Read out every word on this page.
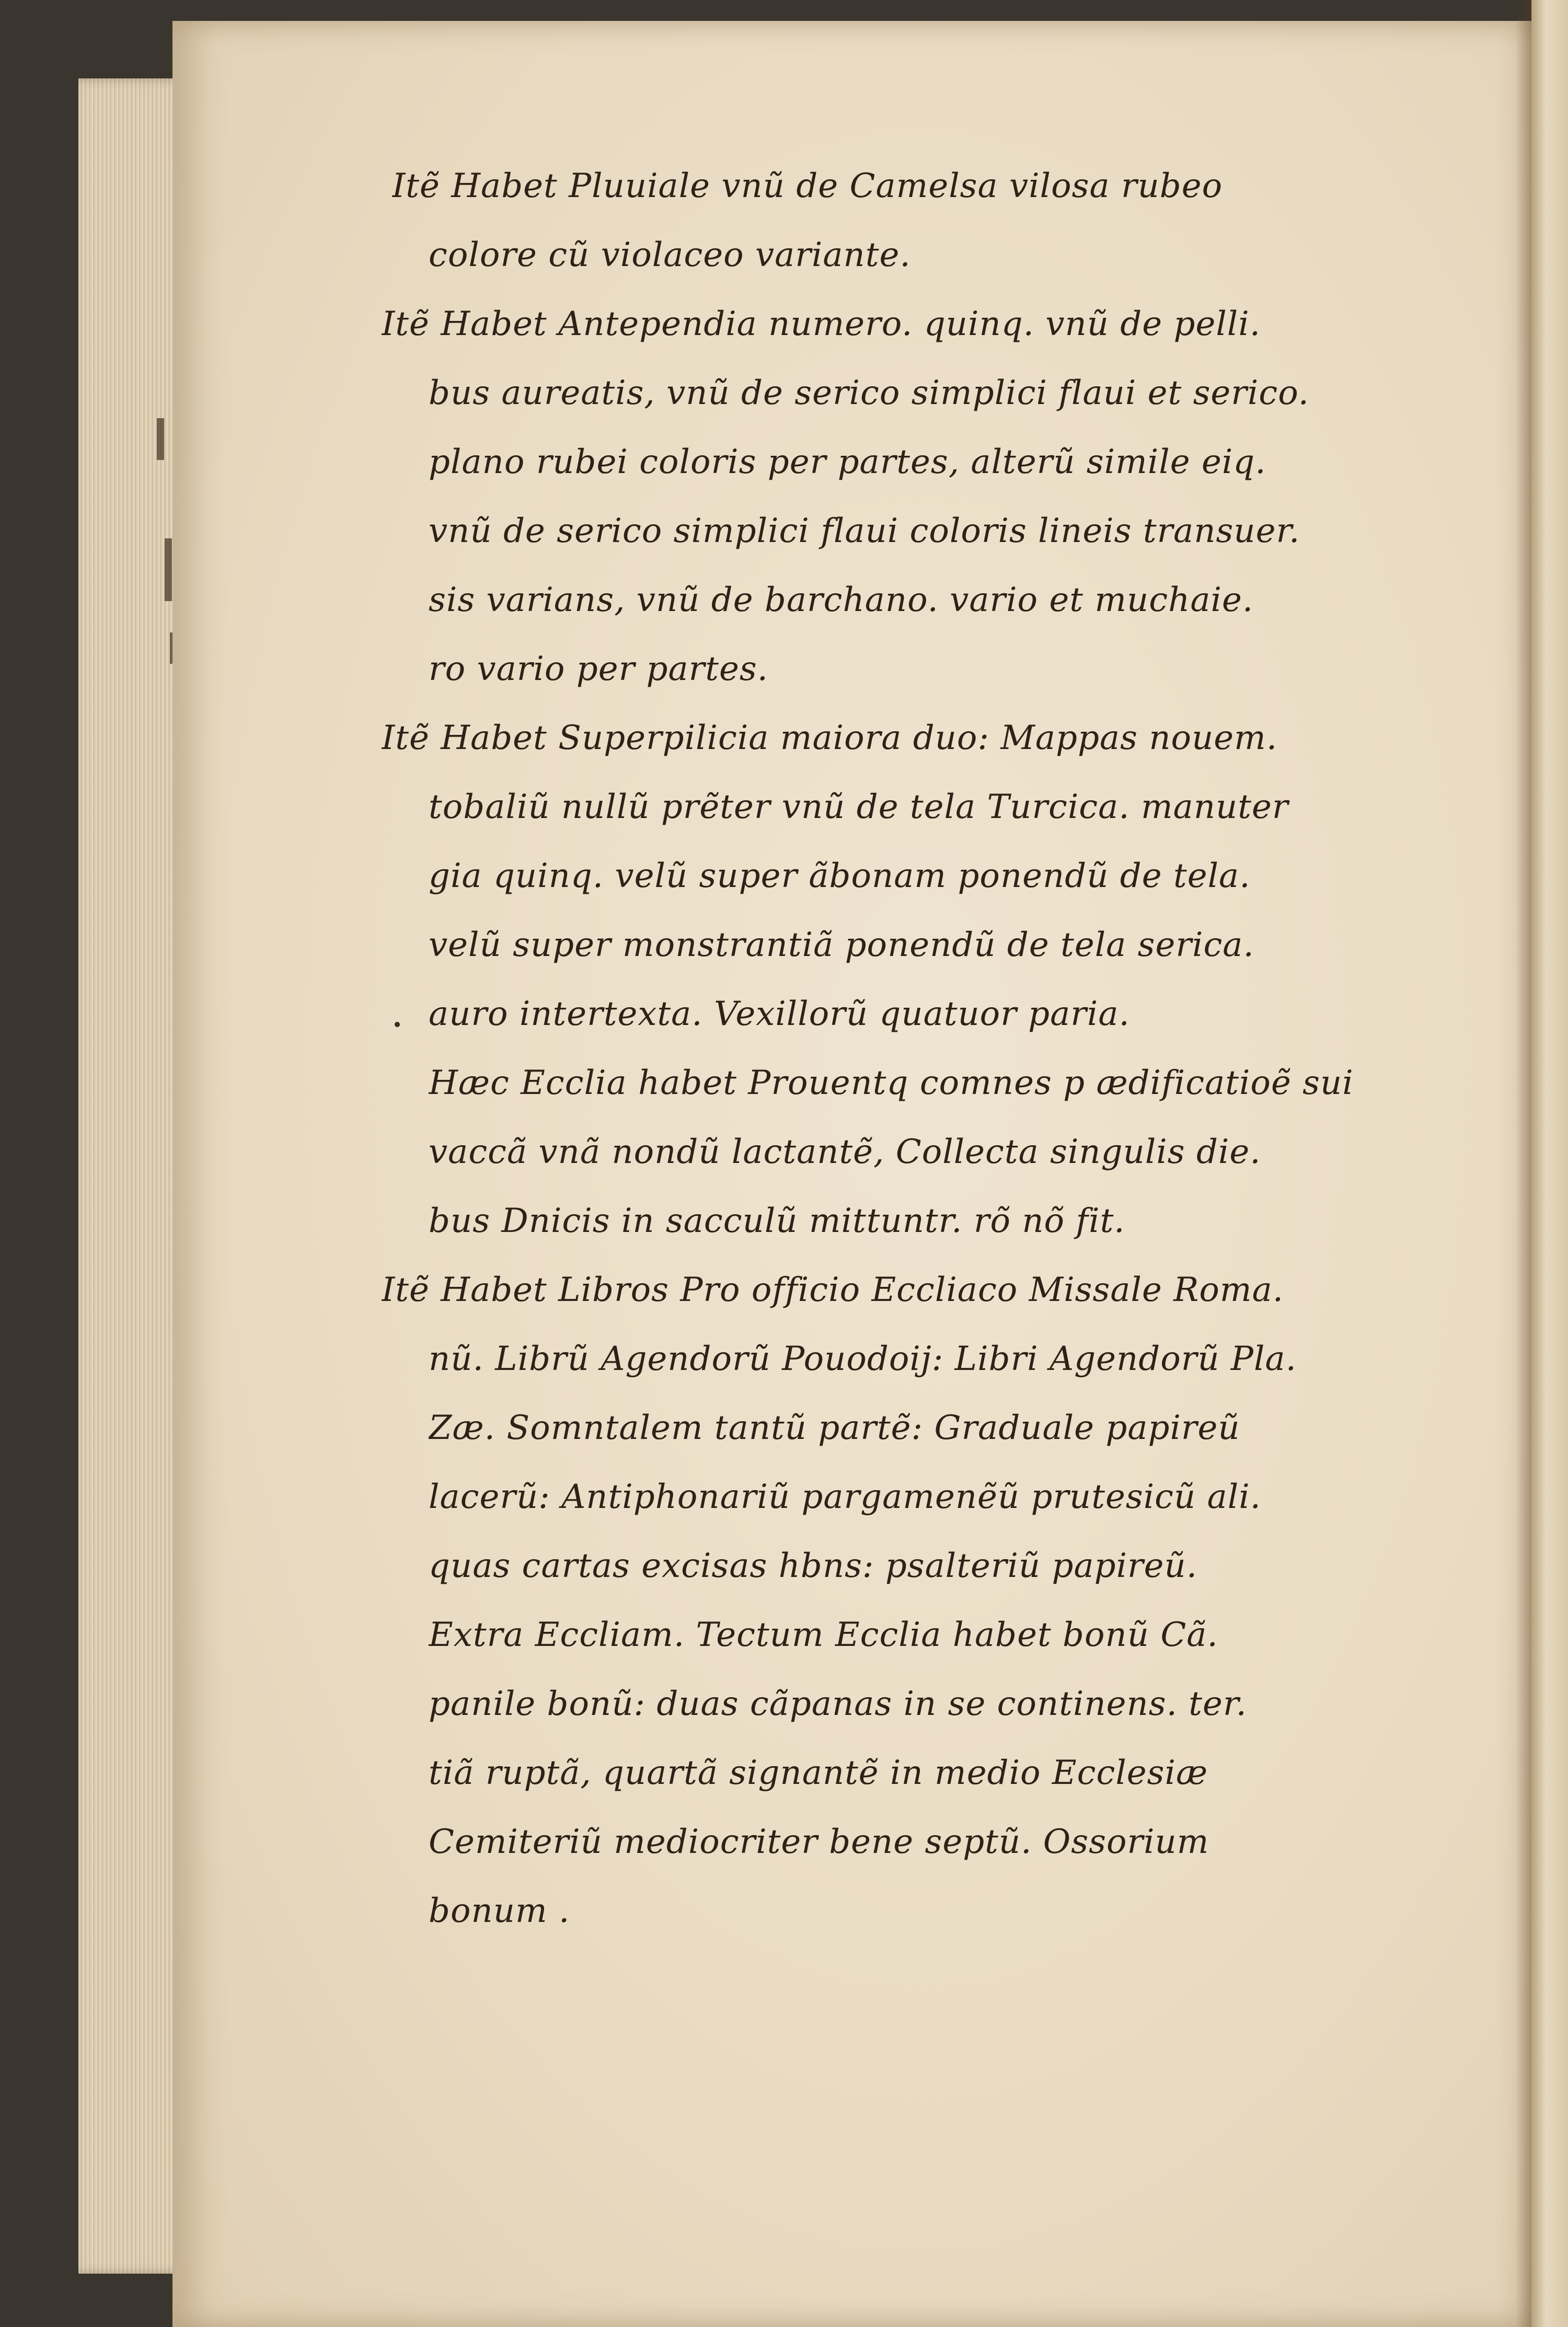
Itẽ Habet Pluuiale vnũ de Camelsa vilosa rubeo
colore cũ violaceo variante.
Itẽ Habet Antependia numero. quinq. vnũ de pelli.
bus aureatis, vnũ de serico simplici flaui et serico.
plano rubei coloris per partes, alterũ simile eiq.
vnũ de serico simplici flaui coloris lineis transuer.
sis varians, vnũ de barchano. vario et muchaie.
ro vario per partes.
Itẽ Habet Superpilicia maiora duo: Mappas nouem.
tobaliũ nullũ prẽter vnũ de tela Turcica. manuter
gia quinq. velũ super ãbonam ponendũ de tela.
velũ super monstrantiã ponendũ de tela serica.
auro intertexta. Vexillorũ quatuor paria.
Hæc Ecclia habet Prouentq comnes p ædificatioẽ sui
vaccã vnã nondũ lactantẽ, Collecta singulis die.
bus Dnicis in sacculũ mittuntr. rõ nõ fit.
Itẽ Habet Libros Pro officio Eccliaco Missale Roma.
nũ. Librũ Agendorũ Pouodoij: Libri Agendorũ Pla.
Zæ. Somntalem tantũ partẽ: Graduale papireũ
lacerũ: Antiphonariũ pargamenẽũ prutesicũ ali.
quas cartas excisas hbns: psalteriũ papireũ.
Extra Eccliam. Tectum Ecclia habet bonũ Cã.
panile bonũ: duas cãpanas in se continens. ter.
tiã ruptã, quartã signantẽ in medio Ecclesiæ
Cemiteriũ mediocriter bene septũ. Ossorium
bonum .
